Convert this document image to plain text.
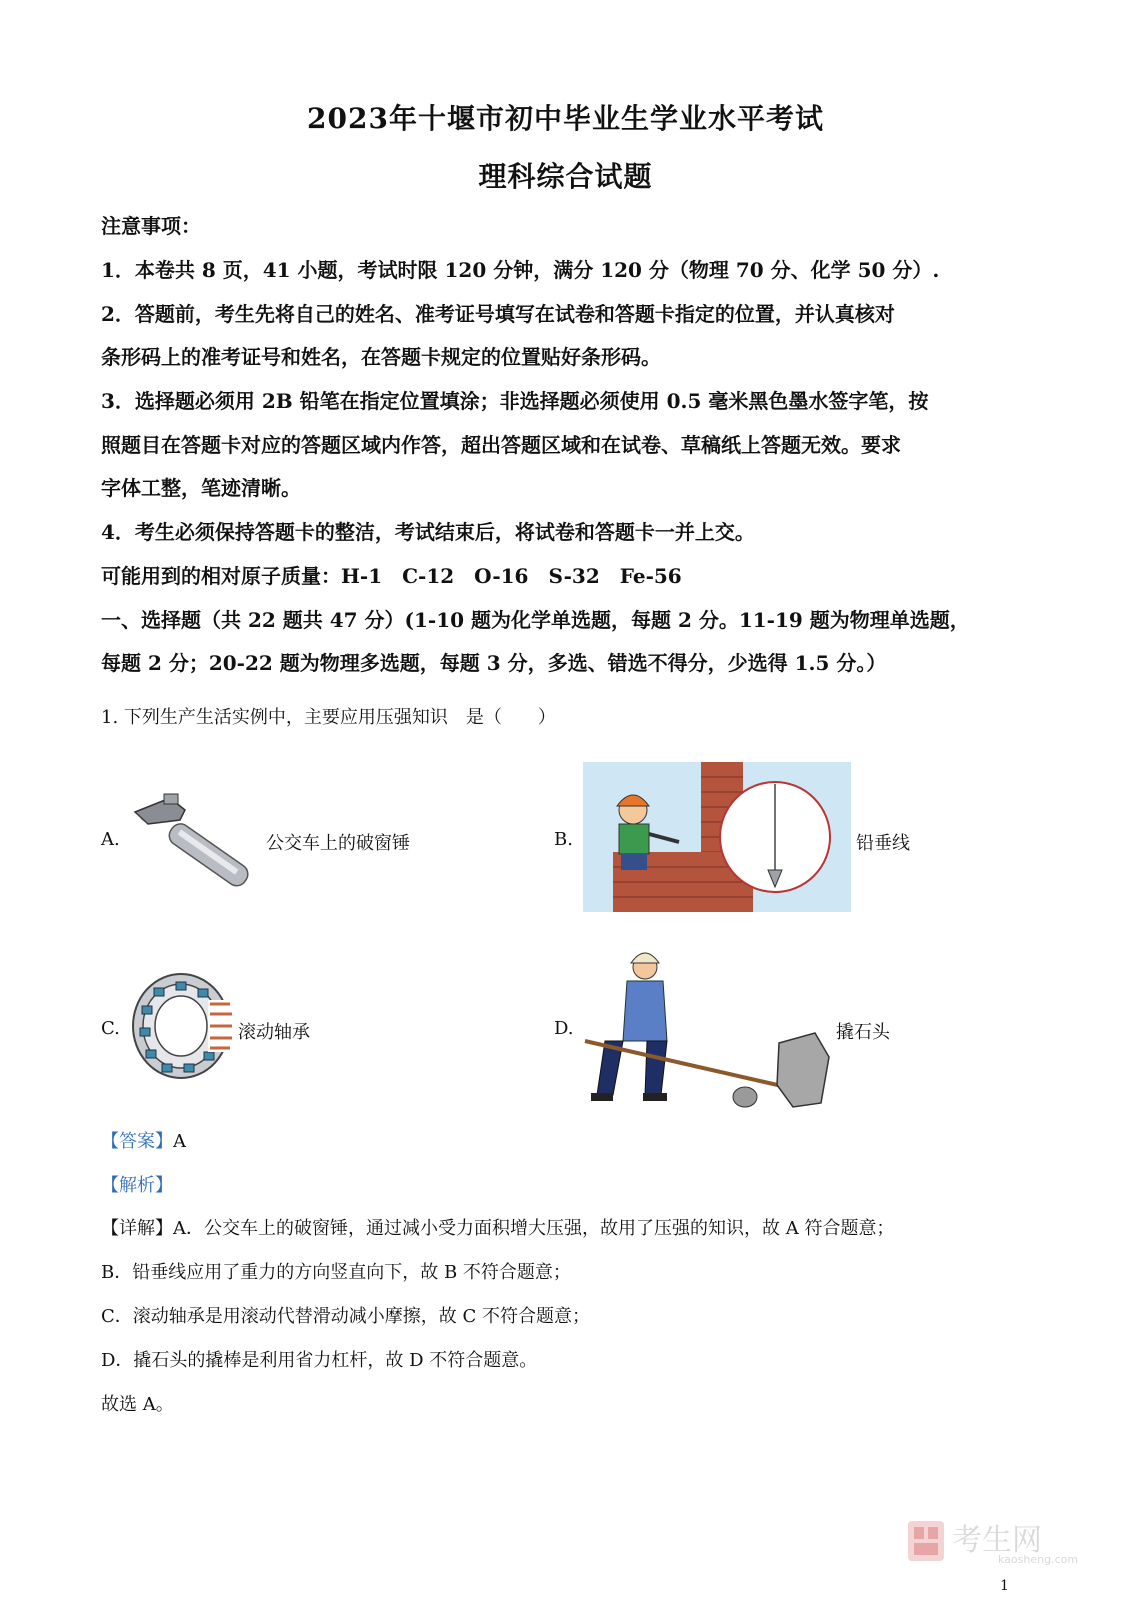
2023年十堰市初中毕业生学业水平考试
理科综合试题
注意事项：
1．本卷共 8 页，41 小题，考试时限 120 分钟，满分 120 分（物理 70 分、化学 50 分）.
2．答题前，考生先将自己的姓名、准考证号填写在试卷和答题卡指定的位置，并认真核对
条形码上的准考证号和姓名，在答题卡规定的位置贴好条形码。
3．选择题必须用 2B 铅笔在指定位置填涂；非选择题必须使用 0.5 毫米黑色墨水签字笔，按
照题目在答题卡对应的答题区域内作答，超出答题区域和在试卷、草稿纸上答题无效。要求
字体工整，笔迹清晰。
4．考生必须保持答题卡的整洁，考试结束后，将试卷和答题卡一并上交。
可能用到的相对原子质量：H-1　C-12　O-16　S-32　Fe-56
一、选择题（共 22 题共 47 分）(1-10 题为化学单选题，每题 2 分。11-19 题为物理单选题，
每题 2 分；20-22 题为物理多选题，每题 3 分，多选、错选不得分，少选得 1.5 分。）
1. 下列生产生活实例中，主要应用压强知识　是（　　）
A.	公交车上的破窗锤	B.	铅垂线
C.	滚动轴承	D.	撬石头
【答案】A
【解析】
【详解】A．公交车上的破窗锤，通过减小受力面积增大压强，故用了压强的知识，故 A 符合题意；
B．铅垂线应用了重力的方向竖直向下，故 B 不符合题意；
C．滚动轴承是用滚动代替滑动减小摩擦，故 C 不符合题意；
D．撬石头的撬棒是利用省力杠杆，故 D 不符合题意。
故选 A。
考生网
kaosheng.com
1
